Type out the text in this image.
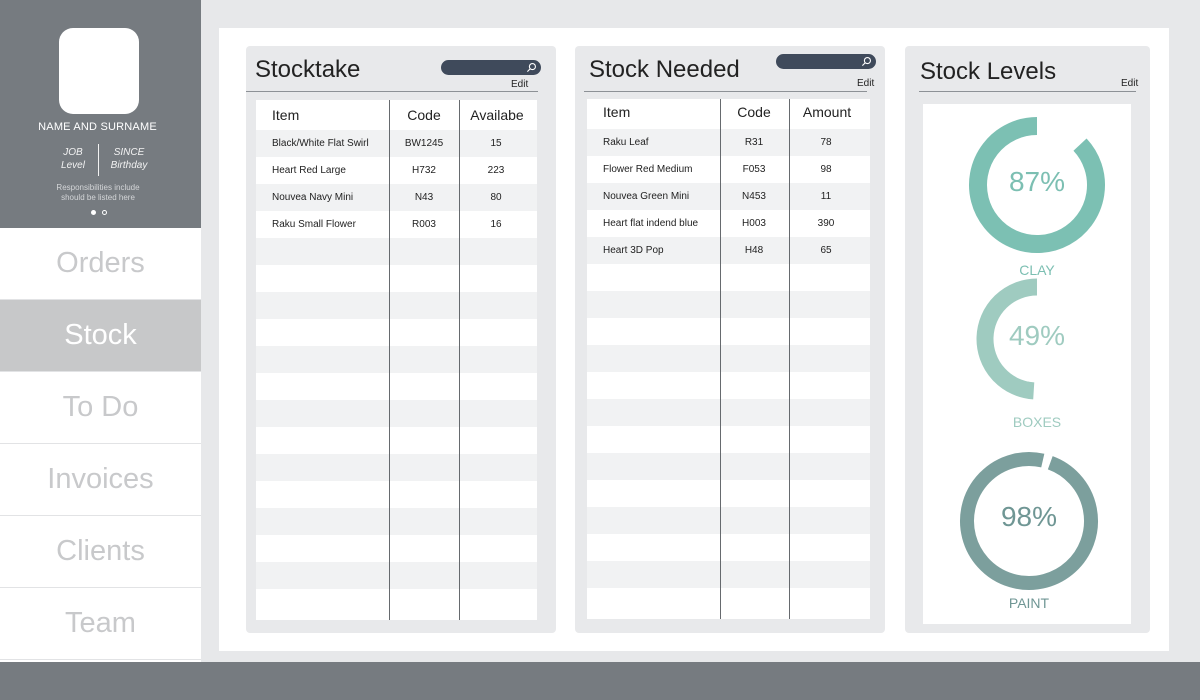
NAME AND SURNAME
JOB
Level
SINCE
Birthday
Responsibilities include should be listed here
Orders
Stock
To Do
Invoices
Clients
Team
Stocktake
Edit
Black/White Flat Swirl	BW1245	15
Heart Red Large	H732	223
Nouvea Navy Mini	N43	80
Raku Small Flower	R003	16
Item	Code	Availabe
Stock Needed
Edit
Raku Leaf	R31	78
Flower Red Medium	F053	98
Nouvea Green Mini	N453	11
Heart flat indend blue	H003	390
Heart 3D Pop	H48	65
Item	Code	Amount
Stock Levels	Edit
87%
CLAY
49%
BOXES
98%
PAINT
